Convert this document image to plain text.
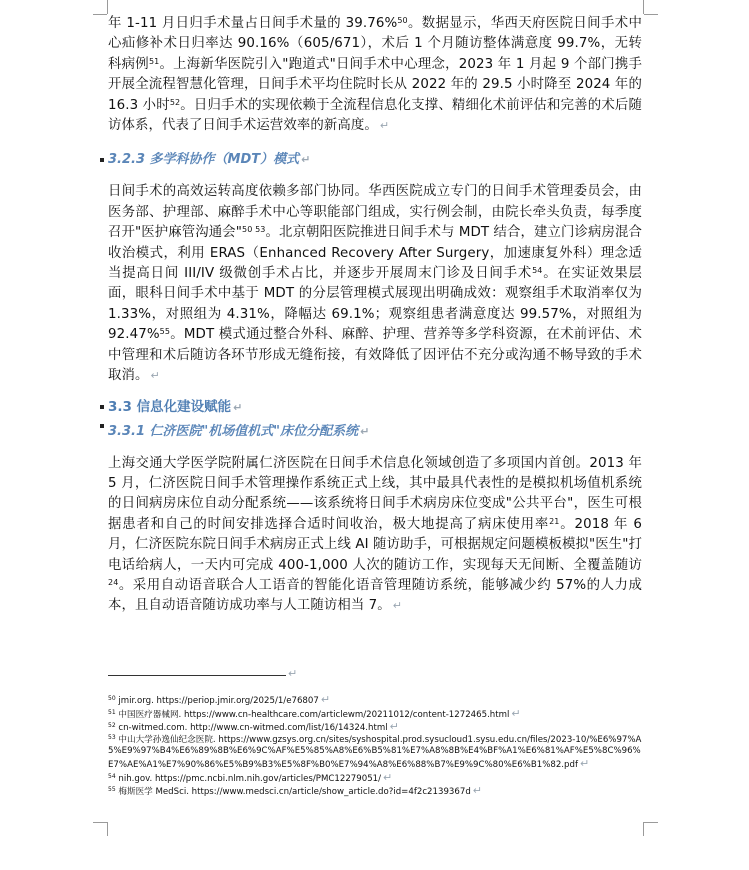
年 1-11 月日归手术量占日间手术量的 39.76%$^{50}$。数据显示，华西天府医院日间手术中心疝修补术日归率达 90.16%（605/671），术后 1 个月随访整体满意度 99.7%，无转科病例$^{51}$。上海新华医院引入"跑道式"日间手术中心理念，2023 年 1 月起 9 个部门携手开展全流程智慧化管理，日间手术平均住院时长从 2022 年的 29.5 小时降至 2024 年的 16.3 小时$^{52}$。日归手术的实现依赖于全流程信息化支撑、精细化术前评估和完善的术后随访体系，代表了日间手术运营效率的新高度。 ↵

3.2.3 多学科协作（MDT）模式 ↵

日间手术的高效运转高度依赖多部门协同。华西医院成立专门的日间手术管理委员会，由医务部、护理部、麻醉手术中心等职能部门组成，实行例会制，由院长牵头负责，每季度召开"医护麻管沟通会"$^{50 53}$。北京朝阳医院推进日间手术与 MDT 结合，建立门诊病房混合收治模式，利用 ERAS（Enhanced Recovery After Surgery，加速康复外科）理念适当提高日间 III/IV 级微创手术占比，并逐步开展周末门诊及日间手术$^{54}$。在实证效果层面，眼科日间手术中基于 MDT 的分层管理模式展现出明确成效：观察组手术取消率仅为 1.33%，对照组为 4.31%，降幅达 69.1%；观察组患者满意度达 99.57%，对照组为 92.47%$^{55}$。MDT 模式通过整合外科、麻醉、护理、营养等多学科资源，在术前评估、术中管理和术后随访各环节形成无缝衔接，有效降低了因评估不充分或沟通不畅导致的手术取消。 ↵

3.3 信息化建设赋能 ↵
3.3.1 仁济医院"机场值机式"床位分配系统 ↵

上海交通大学医学院附属仁济医院在日间手术信息化领域创造了多项国内首创。2013 年 5 月，仁济医院日间手术管理操作系统正式上线，其中最具代表性的是模拟机场值机系统的日间病房床位自动分配系统——该系统将日间手术病房床位变成"公共平台"，医生可根据患者和自己的时间安排选择合适时间收治，极大地提高了病床使用率$^{21}$。2018 年 6 月，仁济医院东院日间手术病房正式上线 AI 随访助手，可根据规定问题模板模拟"医生"打电话给病人，一天内可完成 400-1,000 人次的随访工作，实现每天无间断、全覆盖随访$^{24}$。采用自动语音联合人工语音的智能化语音管理随访系统，能够减少约 57%的人力成本，且自动语音随访成功率与人工随访相当 7。 ↵

↵
$^{50}$ jmir.org. https://periop.jmir.org/2025/1/e76807 ↵
$^{51}$ 中国医疗器械网. https://www.cn-healthcare.com/articlewm/20211012/content-1272465.html ↵
$^{52}$ cn-witmed.com. http://www.cn-witmed.com/list/16/14324.html ↵
$^{53}$ 中山大学孙逸仙纪念医院. https://www.gzsys.org.cn/sites/syshospital.prod.sysucloud1.sysu.edu.cn/files/2023-10/%E6%97%A5%E9%97%B4%E6%89%8B%E6%9C%AF%E5%85%A8%E6%B5%81%E7%A8%8B%E4%BF%A1%E6%81%AF%E5%8C%96%E7%AE%A1%E7%90%86%E5%B9%B3%E5%8F%B0%E7%94%A8%E6%88%B7%E9%9C%80%E6%B1%82.pdf ↵
$^{54}$ nih.gov. https://pmc.ncbi.nlm.nih.gov/articles/PMC12279051/ ↵
$^{55}$ 梅斯医学 MedSci. https://www.medsci.cn/article/show_article.do?id=4f2c2139367d ↵
